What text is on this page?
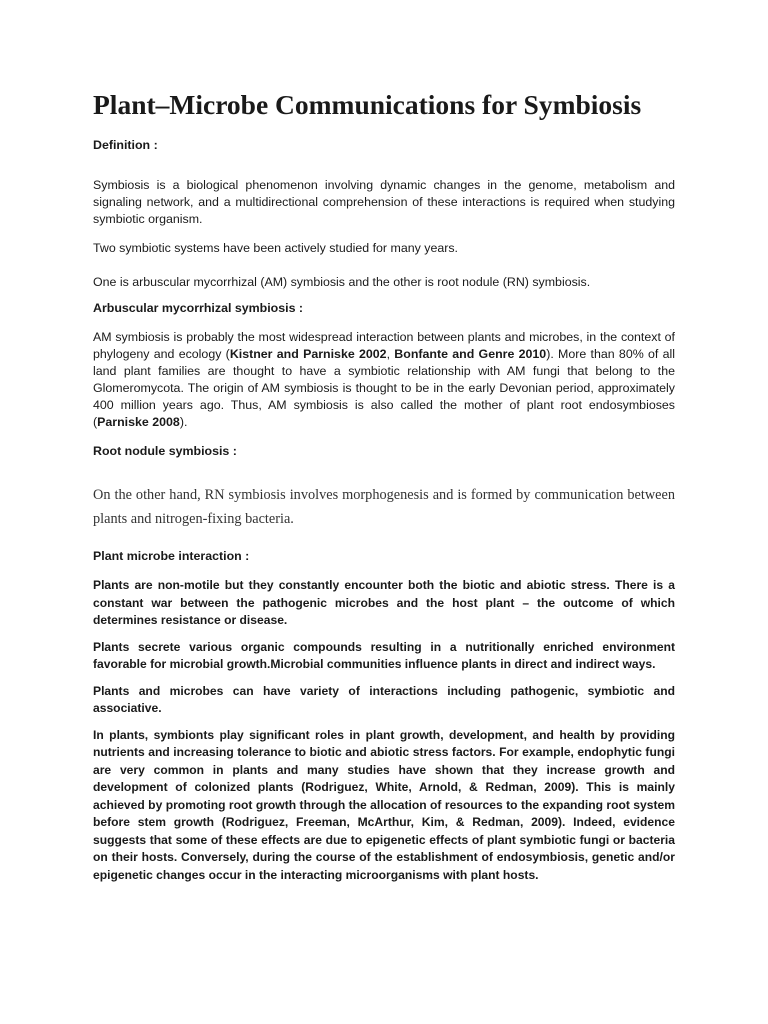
Plant–Microbe Communications for Symbiosis
Definition :

Symbiosis is a biological phenomenon involving dynamic changes in the genome, metabolism and signaling network, and a multidirectional comprehension of these interactions is required when studying symbiotic organism.

Two symbiotic systems have been actively studied for many years.

One is arbuscular mycorrhizal (AM) symbiosis and the other is root nodule (RN) symbiosis.

Arbuscular mycorrhizal symbiosis :

AM symbiosis is probably the most widespread interaction between plants and microbes, in the context of phylogeny and ecology (Kistner and Parniske 2002, Bonfante and Genre 2010). More than 80% of all land plant families are thought to have a symbiotic relationship with AM fungi that belong to the Glomeromycota. The origin of AM symbiosis is thought to be in the early Devonian period, approximately 400 million years ago. Thus, AM symbiosis is also called the mother of plant root endosymbioses (Parniske 2008).

Root nodule symbiosis :

On the other hand, RN symbiosis involves morphogenesis and is formed by communication between plants and nitrogen-fixing bacteria.

Plant microbe interaction :

Plants are non-motile but they constantly encounter both the biotic and abiotic stress. There is a constant war between the pathogenic microbes and the host plant – the outcome of which determines resistance or disease.

Plants secrete various organic compounds resulting in a nutritionally enriched environment favorable for microbial growth.Microbial communities influence plants in direct and indirect ways.

Plants and microbes can have variety of interactions including pathogenic, symbiotic and associative.

In plants, symbionts play significant roles in plant growth, development, and health by providing nutrients and increasing tolerance to biotic and abiotic stress factors. For example, endophytic fungi are very common in plants and many studies have shown that they increase growth and development of colonized plants (Rodriguez, White, Arnold, & Redman, 2009). This is mainly achieved by promoting root growth through the allocation of resources to the expanding root system before stem growth (Rodriguez, Freeman, McArthur, Kim, & Redman, 2009). Indeed, evidence suggests that some of these effects are due to epigenetic effects of plant symbiotic fungi or bacteria on their hosts. Conversely, during the course of the establishment of endosymbiosis, genetic and/or epigenetic changes occur in the interacting microorganisms with plant hosts.
